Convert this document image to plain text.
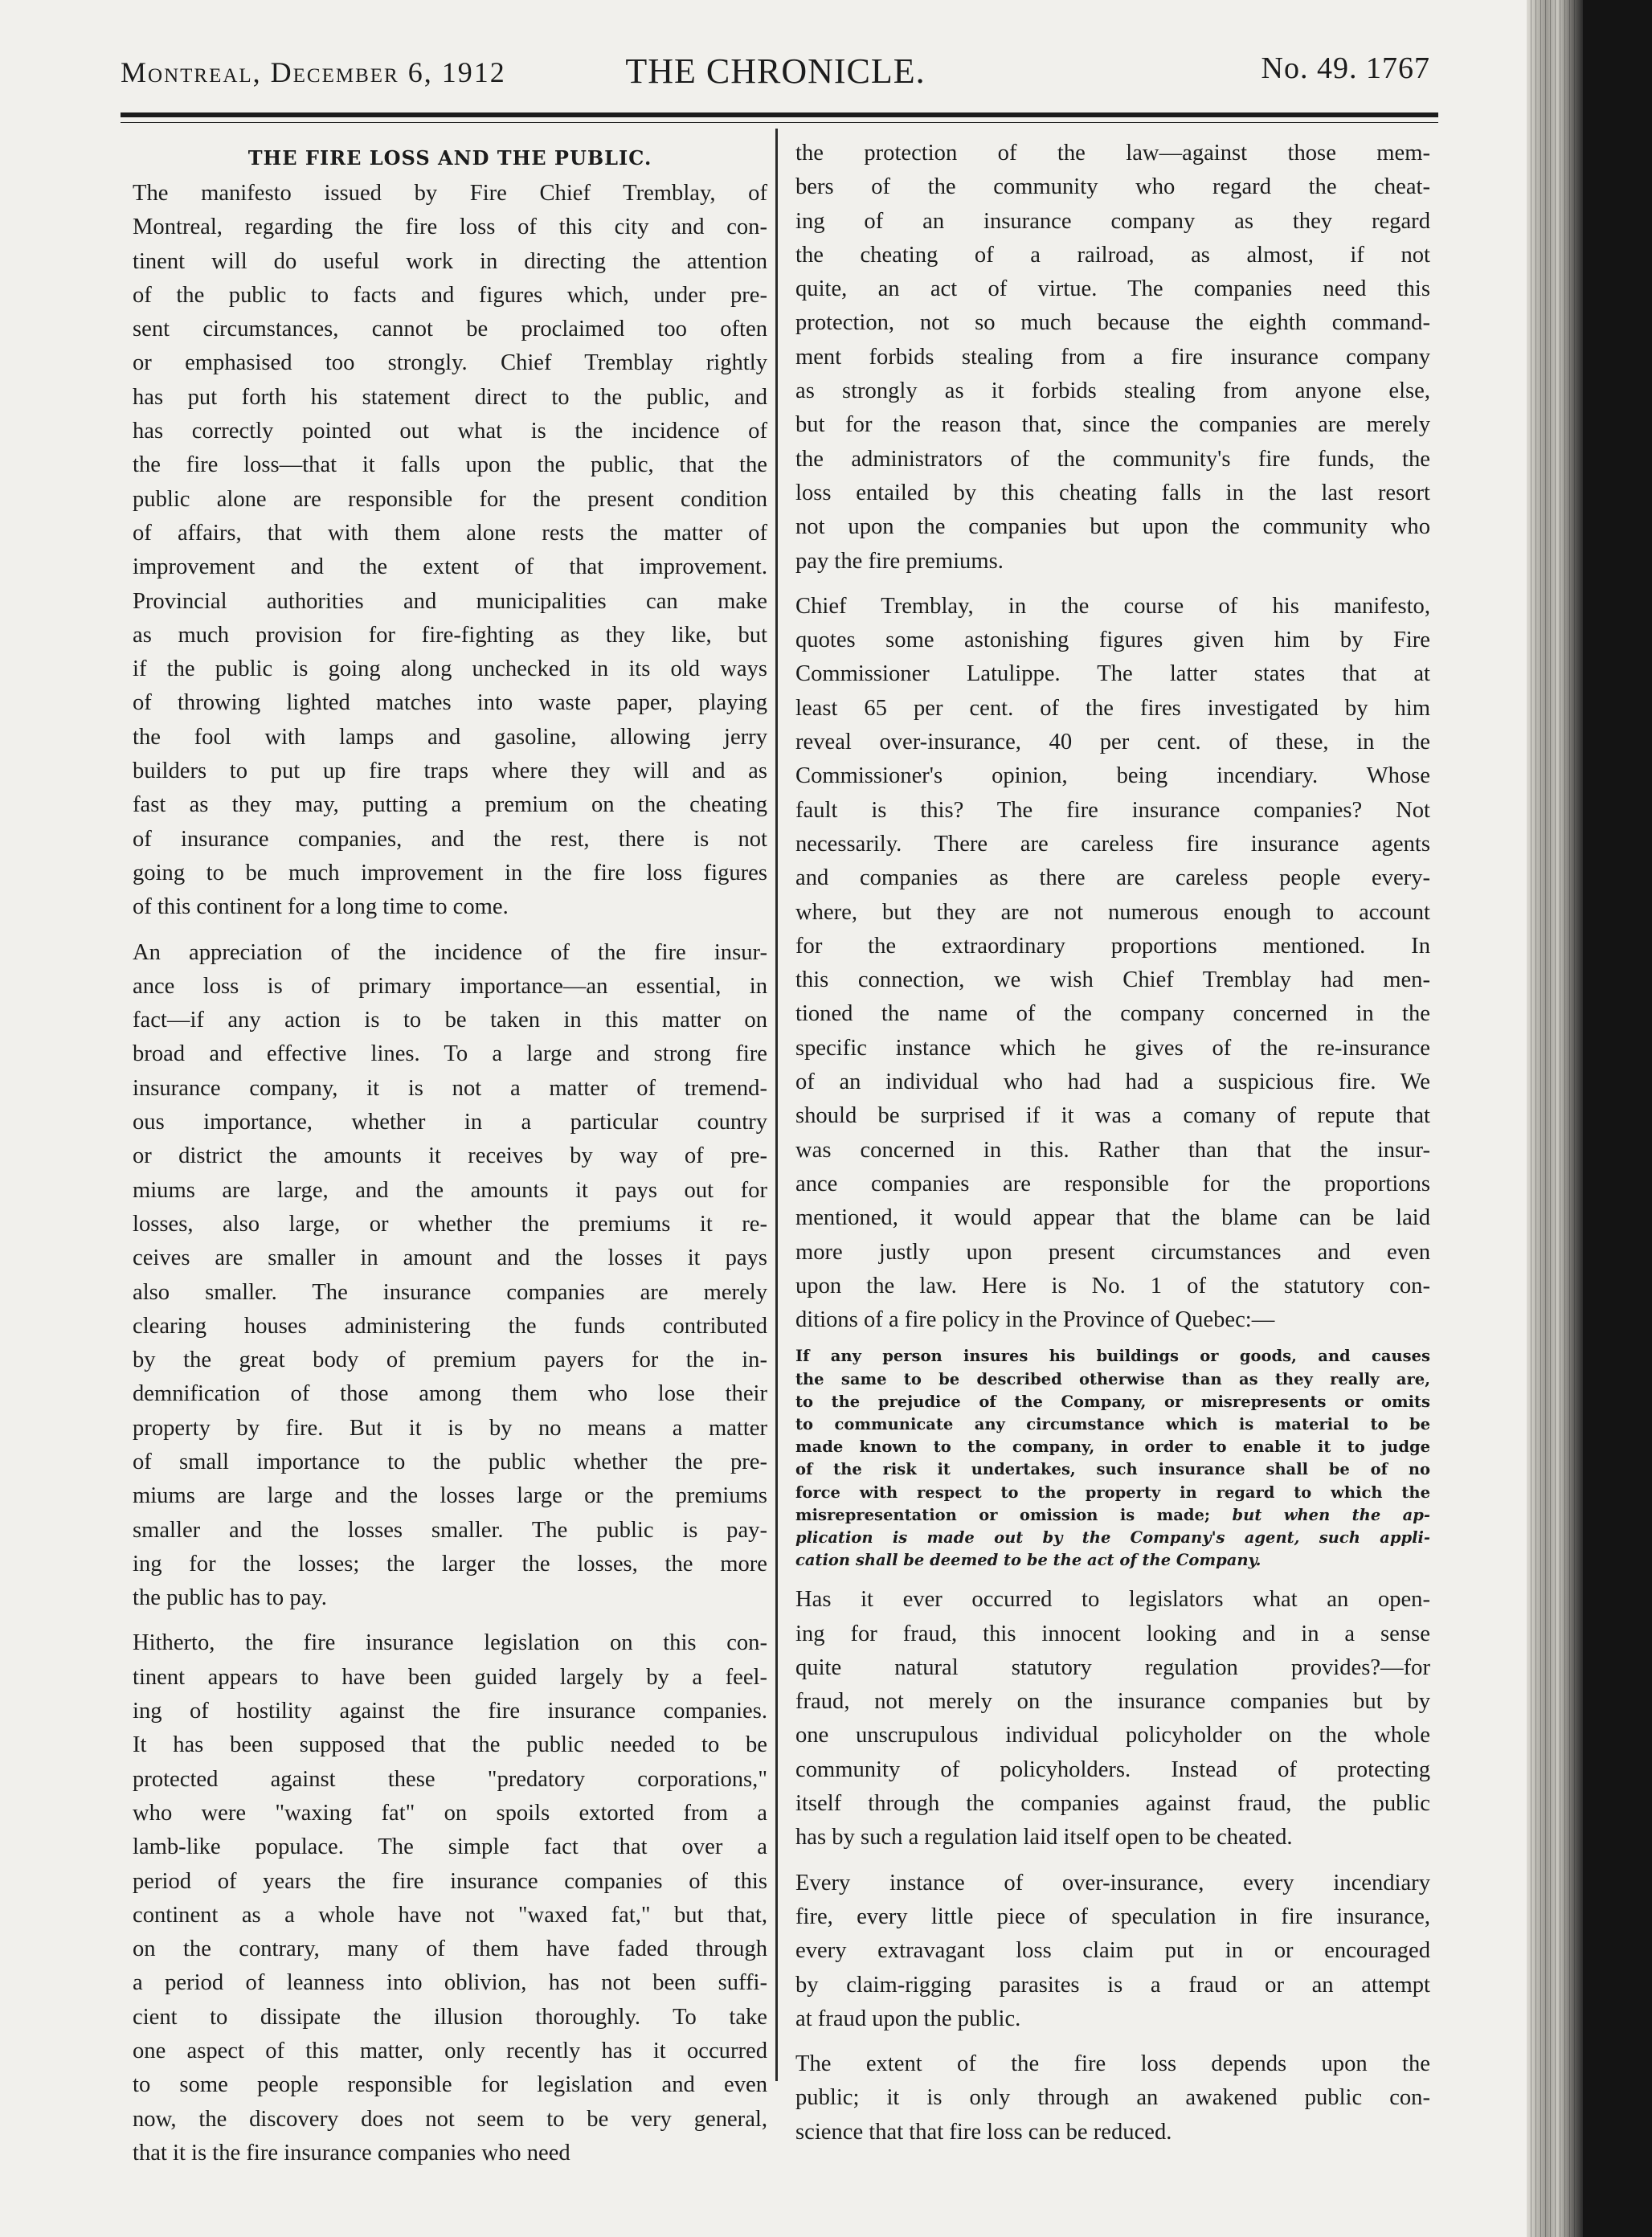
Montreal, December 6, 1912	THE CHRONICLE.	No. 49. 1767
THE FIRE LOSS AND THE PUBLIC.
The manifesto issued by Fire Chief Tremblay, of
Montreal, regarding the fire loss of this city and con-
tinent will do useful work in directing the attention
of the public to facts and figures which, under pre-
sent circumstances, cannot be proclaimed too often
or emphasised too strongly. Chief Tremblay rightly
has put forth his statement direct to the public, and
has correctly pointed out what is the incidence of
the fire loss—that it falls upon the public, that the
public alone are responsible for the present condition
of affairs, that with them alone rests the matter of
improvement and the extent of that improvement.
Provincial authorities and municipalities can make
as much provision for fire-fighting as they like, but
if the public is going along unchecked in its old ways
of throwing lighted matches into waste paper, playing
the fool with lamps and gasoline, allowing jerry
builders to put up fire traps where they will and as
fast as they may, putting a premium on the cheating
of insurance companies, and the rest, there is not
going to be much improvement in the fire loss figures
of this continent for a long time to come.
An appreciation of the incidence of the fire insur-
ance loss is of primary importance—an essential, in
fact—if any action is to be taken in this matter on
broad and effective lines. To a large and strong fire
insurance company, it is not a matter of tremend-
ous importance, whether in a particular country
or district the amounts it receives by way of pre-
miums are large, and the amounts it pays out for
losses, also large, or whether the premiums it re-
ceives are smaller in amount and the losses it pays
also smaller. The insurance companies are merely
clearing houses administering the funds contributed
by the great body of premium payers for the in-
demnification of those among them who lose their
property by fire. But it is by no means a matter
of small importance to the public whether the pre-
miums are large and the losses large or the premiums
smaller and the losses smaller. The public is pay-
ing for the losses; the larger the losses, the more
the public has to pay.
Hitherto, the fire insurance legislation on this con-
tinent appears to have been guided largely by a feel-
ing of hostility against the fire insurance companies.
It has been supposed that the public needed to be
protected against these "predatory corporations,"
who were "waxing fat" on spoils extorted from a
lamb-like populace. The simple fact that over a
period of years the fire insurance companies of this
continent as a whole have not "waxed fat," but that,
on the contrary, many of them have faded through
a period of leanness into oblivion, has not been suffi-
cient to dissipate the illusion thoroughly. To take
one aspect of this matter, only recently has it occurred
to some people responsible for legislation and even
now, the discovery does not seem to be very general,
that it is the fire insurance companies who need
the protection of the law—against those mem-
bers of the community who regard the cheat-
ing of an insurance company as they regard
the cheating of a railroad, as almost, if not
quite, an act of virtue. The companies need this
protection, not so much because the eighth command-
ment forbids stealing from a fire insurance company
as strongly as it forbids stealing from anyone else,
but for the reason that, since the companies are merely
the administrators of the community's fire funds, the
loss entailed by this cheating falls in the last resort
not upon the companies but upon the community who
pay the fire premiums.
Chief Tremblay, in the course of his manifesto,
quotes some astonishing figures given him by Fire
Commissioner Latulippe. The latter states that at
least 65 per cent. of the fires investigated by him
reveal over-insurance, 40 per cent. of these, in the
Commissioner's opinion, being incendiary. Whose
fault is this? The fire insurance companies? Not
necessarily. There are careless fire insurance agents
and companies as there are careless people every-
where, but they are not numerous enough to account
for the extraordinary proportions mentioned. In
this connection, we wish Chief Tremblay had men-
tioned the name of the company concerned in the
specific instance which he gives of the re-insurance
of an individual who had had a suspicious fire. We
should be surprised if it was a comany of repute that
was concerned in this. Rather than that the insur-
ance companies are responsible for the proportions
mentioned, it would appear that the blame can be laid
more justly upon present circumstances and even
upon the law. Here is No. 1 of the statutory con-
ditions of a fire policy in the Province of Quebec:—
If any person insures his buildings or goods, and causes
the same to be described otherwise than as they really are,
to the prejudice of the Company, or misrepresents or omits
to communicate any circumstance which is material to be
made known to the company, in order to enable it to judge
of the risk it undertakes, such insurance shall be of no
force with respect to the property in regard to which the
misrepresentation or omission is made; but when the ap-
plication is made out by the Company's agent, such appli-
cation shall be deemed to be the act of the Company.
Has it ever occurred to legislators what an open-
ing for fraud, this innocent looking and in a sense
quite natural statutory regulation provides?—for
fraud, not merely on the insurance companies but by
one unscrupulous individual policyholder on the whole
community of policyholders. Instead of protecting
itself through the companies against fraud, the public
has by such a regulation laid itself open to be cheated.
Every instance of over-insurance, every incendiary
fire, every little piece of speculation in fire insurance,
every extravagant loss claim put in or encouraged
by claim-rigging parasites is a fraud or an attempt
at fraud upon the public.
The extent of the fire loss depends upon the
public; it is only through an awakened public con-
science that that fire loss can be reduced.
